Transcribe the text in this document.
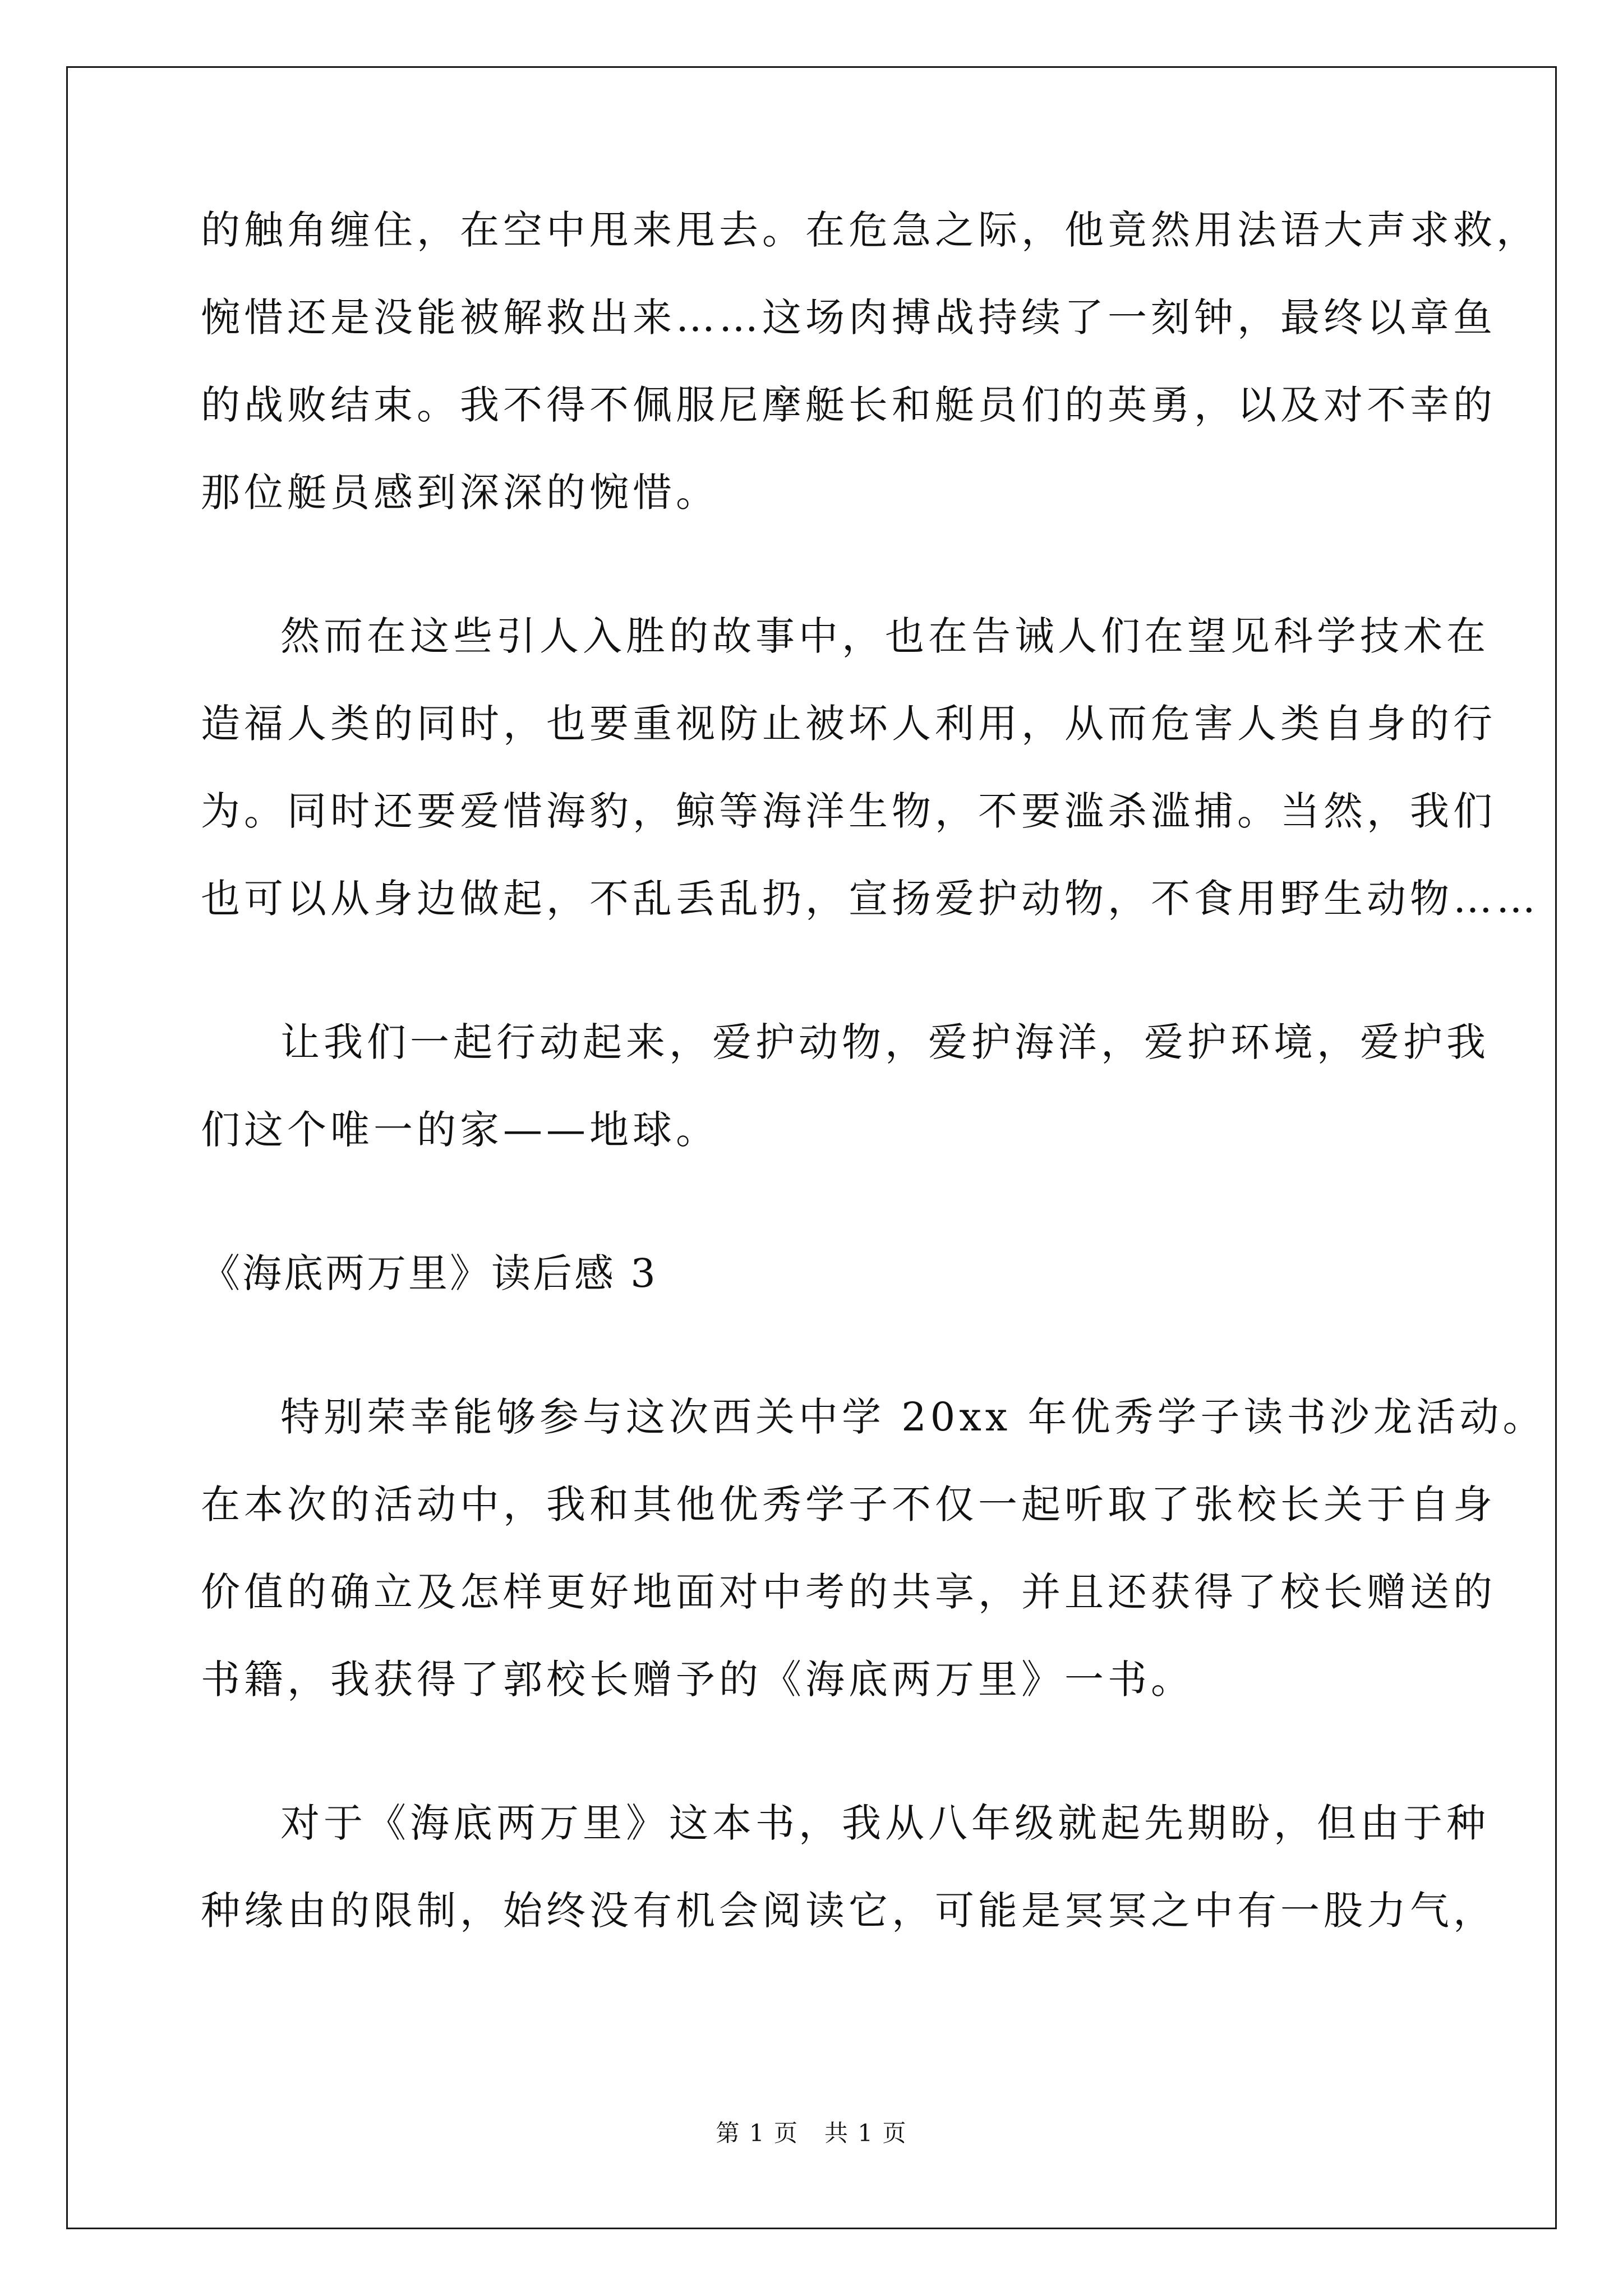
的触角缠住，在空中甩来甩去。在危急之际，他竟然用法语大声求救，
惋惜还是没能被解救出来……这场肉搏战持续了一刻钟，最终以章鱼
的战败结束。我不得不佩服尼摩艇长和艇员们的英勇，以及对不幸的
那位艇员感到深深的惋惜。
然而在这些引人入胜的故事中，也在告诫人们在望见科学技术在
造福人类的同时，也要重视防止被坏人利用，从而危害人类自身的行
为。同时还要爱惜海豹，鲸等海洋生物，不要滥杀滥捕。当然，我们
也可以从身边做起，不乱丢乱扔，宣扬爱护动物，不食用野生动物……
让我们一起行动起来，爱护动物，爱护海洋，爱护环境，爱护我
们这个唯一的家——地球。
《海底两万里》读后感 3
特别荣幸能够参与这次西关中学 20xx 年优秀学子读书沙龙活动。
在本次的活动中，我和其他优秀学子不仅一起听取了张校长关于自身
价值的确立及怎样更好地面对中考的共享，并且还获得了校长赠送的
书籍，我获得了郭校长赠予的《海底两万里》一书。
对于《海底两万里》这本书，我从八年级就起先期盼，但由于种
种缘由的限制，始终没有机会阅读它，可能是冥冥之中有一股力气，
第 1 页   共 1 页
